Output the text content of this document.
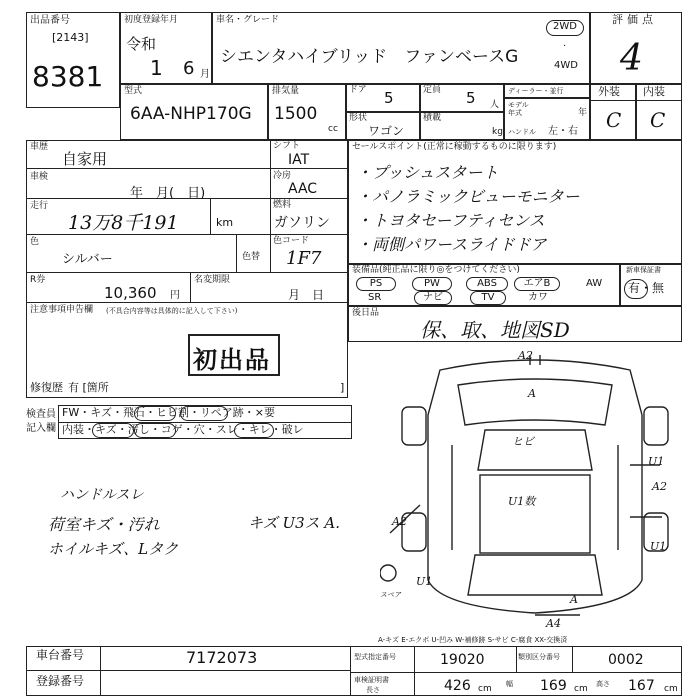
出品番号
[2143]
8381
初度登録年月
令和
1 6 月
車名・グレード
シエンタハイブリッド　ファンベースG
2WD
4WD
·
評価点
4
型式
6AA-NHP170G
排気量
1500
cc
ドア 5	定員 5 人
ディーラー・並行
モデル年式	年
形状
ワゴン
積載
kg ハンドル 左・右
外装 内装
C C
車歴
自家用
シフト
IAT
冷房
AAC
車検
年　月(　日)
走行
13万8千191	km
燃料
ガソリン
色
シルバー	色替
色コード
1F7
R券
10,360 円
名変期限
月　日
注意事項申告欄 (不具合内容等は具体的に記入して下さい)
初出品
修復歴 有 [箇所	]
セールスポイント(正常に稼動するものに限ります)
・プッシュスタート
・パノラミックビューモニター
・トヨタセーフティセンス
・両側パワースライドドア
装備品(純正品に限り◎をつけてください)
PS	PW	ABS	エアB	AW
SR	ナビ	TV	カワ
新車保証書
有・無
後日品
保、取、地図SD
検査員
記入欄
FW・キズ・飛石・ヒビ割・リペア跡・×要
内装・キズ・汚し・コゲ・穴・スレ・キレ・破レ
ハンドルスレ
荷室キズ・汚れ
ホイルキズ、Lタク
キズ U3ス A.
A2
A
ヒビ
U1数
U1
A2
A2
U1
U1
A
A4
スペア
A-キズ E-エクボ U-凹み W-補修跡 S-サビ C-腐食 XX-交換済
車台番号	7172073
登録番号
型式指定番号	19020	類別区分番号	0002
車検証明書
長さ	426 cm 幅 169 cm 高さ 167 cm
